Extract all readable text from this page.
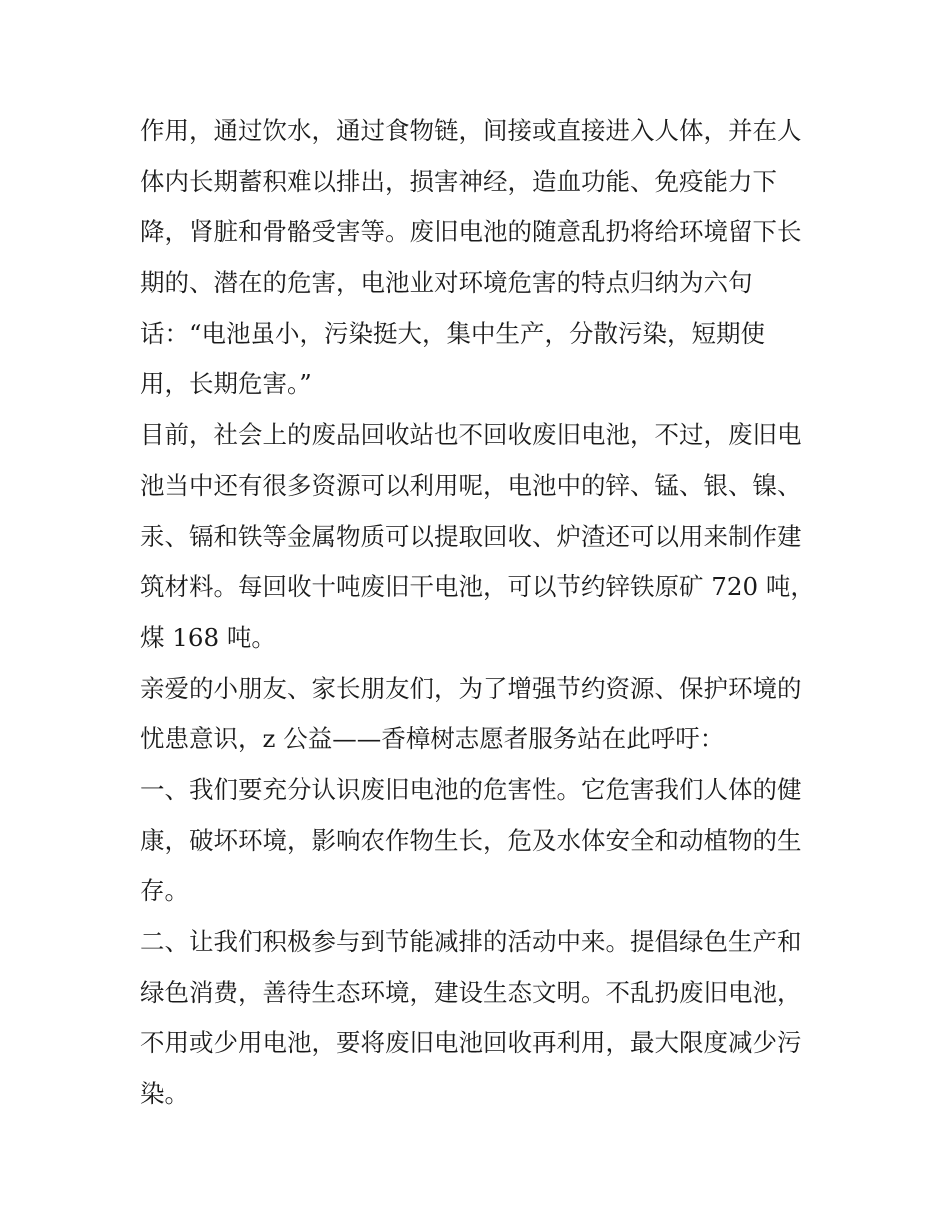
作用，通过饮水，通过食物链，间接或直接进入人体，并在人
体内长期蓄积难以排出，损害神经，造血功能、免疫能力下
降，肾脏和骨骼受害等。废旧电池的随意乱扔将给环境留下长
期的、潜在的危害，电池业对环境危害的特点归纳为六句
话：“电池虽小，污染挺大，集中生产，分散污染，短期使
用，长期危害。”
目前，社会上的废品回收站也不回收废旧电池，不过，废旧电
池当中还有很多资源可以利用呢，电池中的锌、锰、银、镍、
汞、镉和铁等金属物质可以提取回收、炉渣还可以用来制作建
筑材料。每回收十吨废旧干电池，可以节约锌铁原矿 720 吨，
煤 168 吨。
亲爱的小朋友、家长朋友们，为了增强节约资源、保护环境的
忧患意识，z 公益——香樟树志愿者服务站在此呼吁：
一、我们要充分认识废旧电池的危害性。它危害我们人体的健
康，破坏环境，影响农作物生长，危及水体安全和动植物的生
存。
二、让我们积极参与到节能减排的活动中来。提倡绿色生产和
绿色消费，善待生态环境，建设生态文明。不乱扔废旧电池，
不用或少用电池，要将废旧电池回收再利用，最大限度减少污
染。
